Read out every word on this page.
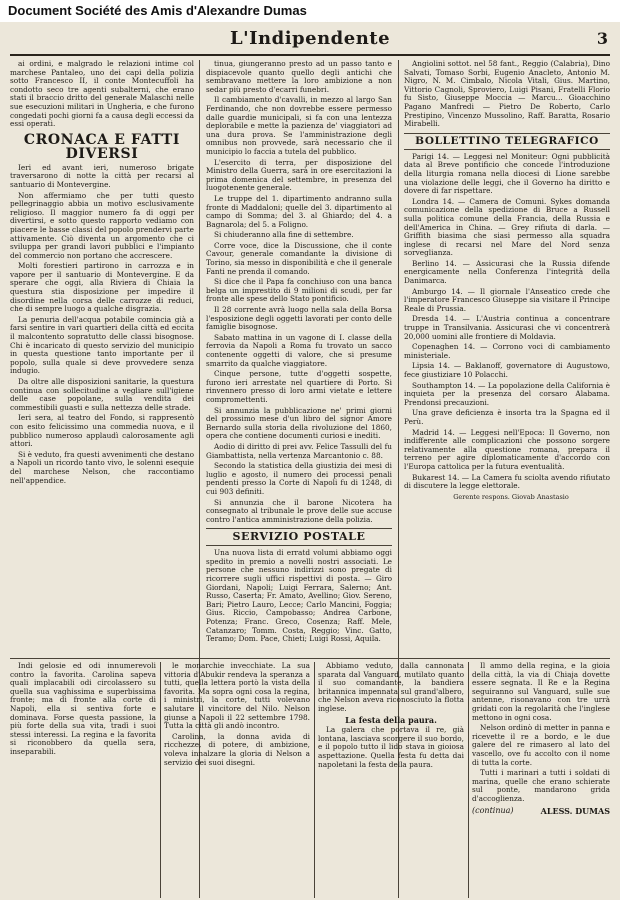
Document Société des Amis d'Alexandre Dumas
L'Indipendente	3

ai ordini, e malgrado le relazioni intime col marchese Pantaleo, uno dei capi della polizia sotto Francesco II, il conte Montecuffoli ha condotto seco tre agenti subalterni, che erano stati il braccio dritto del generale Malaschi nelle sue esecuzioni militari in Ungheria, e che furono congedati pochi giorni fa a causa degli eccessi da essi operati.

CRONACA E FATTI DIVERSI

Ieri ed avant ieri, numeroso brigate traversarono di notte la città per recarsi al santuario di Montevergine.

Non affermiamo che per tutti questo pellegrinaggio abbia un motivo esclusivamente religioso. Il maggior numero fa di oggi per divertirsi, e sotto questo rapporto vediamo con piacere le basse classi del popolo prendervi parte attivamente. Ciò diventa un argomento che ci sviluppa per grandi lavori pubblici e l'impianto del commercio non portano che accrescere.

Molti forestieri partirono in carrozza e in vapore per il santuario di Montevergine. E da sperare che oggi, alla Riviera di Chiaia la questura stia disposizione per impedire il disordine nella corsa delle carrozze di reduci, che di sempre luogo a qualche disgrazia.

La penuria dell'acqua potabile comincia già a farsi sentire in vari quartieri della città ed eccita il malcontento sopratutto delle classi bisognose. Chi è incaricato di questo servizio del municipio in questa questione tanto importante per il popolo, sulla quale si deve provvedere senza indugio.

Da oltre alle disposizioni sanitarie, la questura continua con sollecitudine a vegliare sull'igiene delle case popolane, sulla vendita dei commestibili guasti e sulla nettezza delle strade.

Ieri sera, al teatro del Fondo, si rappresentò con esito felicissimo una commedia nuova, e il pubblico numeroso applaudì calorosamente agli attori.

Si è veduto, fra questi avvenimenti che destano a Napoli un ricordo tanto vivo, le solenni esequie del marchese Nelson, che raccontiamo nell'appendice.

tinua, giungeranno presto ad un passo tanto e dispiacevole quanto quello degli antichi che sembravano mettere la loro ambizione a non sedar più presto d'ecarri funebri.

Il cambiamento d'cavalli, in mezzo al largo San Ferdinando, che non dovrebbe essere permesso dalle guardie municipali, si fa con una lentezza deplorabile e mette la pazienza de' viaggiatori ad una dura prova. Se l'amministrazione degli omnibus non provvede, sarà necessario che il municipio lo faccia a tutela del pubblico.

L'esercito di terra, per disposizione del Ministro della Guerra, sarà in ore esercitazioni la prima domenica del settembre, in presenza del luogotenente generale.

Le truppe del 1. dipartimento andranno sulla fronte di Maddaloni; quelle del 3. dipartimento al campo di Somma; del 3. al Ghiardo; del 4. a Bagnarola; del 5. a Foligno.

Si chiuderanno alla fine di settembre.

Corre voce, dice la Discussione, che il conte Cavour, generale comandante la divisione di Torino, sia messo in disponibilità e che il generale Fanti ne prenda il comando.

Si dice che il Papa fa conchiuso con una banca belga un imprestito di 9 milioni di scudi, per far fronte alle spese dello Stato pontificio.

Il 28 corrente avrà luogo nella sala della Borsa l'esposizione degli oggetti lavorati per conto delle famiglie bisognose.

Sabato mattina in un vagone di I. classe della ferrovia da Napoli a Roma fu trovato un sacco contenente oggetti di valore, che si presume smarrito da qualche viaggiatore.

Cinque persone, tutte d'oggetti sospette, furono ieri arrestate nel quartiere di Porto. Si rinvennero presso di loro armi vietate e lettere compromettenti.

Si annunzia la pubblicazione ne' primi giorni del prossimo mese d'un libro del signor Amore Bernardo sulla storia della rivoluzione del 1860, opera che contiene documenti curiosi e inediti.

Aodio di diritto di prei avv. Felice Tassulli del fu Giambattista, nella vertenza Marcantonio c. 88.

Secondo la statistica della giustizia dei mesi di luglio e agosto, il numero dei processi penali pendenti presso la Corte di Napoli fu di 1248, di cui 903 definiti.

Si annunzia che il barone Nicotera ha consegnato al tribunale le prove delle sue accuse contro l'antica amministrazione della polizia.

SERVIZIO POSTALE

Una nuova lista di erratd volumi abbiamo oggi spedito in premio a novelli nostri associati. Le persone che nessuno indirizzi sono pregate di ricorrere sugli uffici rispettivi di posta. — Giro Giordani, Napoli; Luigi Ferrara, Salerno; Ant. Russo, Caserta; Fr. Amato, Avellino; Giov. Sereno, Bari; Pietro Lauro, Lecce; Carlo Mancini, Foggia; Gius. Riccio, Campobasso; Andrea Carbone, Potenza; Franc. Greco, Cosenza; Raff. Mele, Catanzaro; Tomm. Costa, Reggio; Vinc. Gatto, Teramo; Dom. Pace, Chieti; Luigi Rossi, Aquila.

Angiolini sottot. nel 58 fant., Reggio (Calabria), Dino Salvati, Tomaso Sorbi, Eugenio Anacleto, Antonio M. Nigro, N. M. Cimbalo, Nicola Vitali, Gius. Martino, Vittorio Cagnoli, Sproviero, Luigi Pisani, Fratelli Florio fu Sisto, Giuseppe Moccia — Marcu... Gioacchino Pagano Manfredi — Pietro De Roberto, Carlo Prestipino, Vincenzo Mussolino, Raff. Baratta, Rosario Mirabelli.

BOLLETTINO TELEGRAFICO

Parigi 14. — Leggesi nel Moniteur: Ogni pubblicità data al Breve pontificio che concede l'introduzione della liturgia romana nella diocesi di Lione sarebbe una violazione delle leggi, che il Governo ha diritto e dovere di far rispettare.

Londra 14. — Camera de Comuni. Sykes domanda comunicazione della spedizione di Bruce a Russell sulla politica comune della Francia, della Russia e dell'America in China. — Grey rifiuta di darla. — Griffith biasima che siasi permesso alla squadra inglese di recarsi nel Mare del Nord senza sorveglianza.

Berlino 14. — Assicurasi che la Russia difende energicamente nella Conferenza l'integrità della Danimarca.

Amburgo 14. — Il giornale l'Anseatico crede che l'imperatore Francesco Giuseppe sia visitare il Principe Reale di Prussia.

Dresda 14. — L'Austria continua a concentrare truppe in Transilvania. Assicurasi che vi concentrerà 20,000 uomini alle frontiere di Moldavia.

Copenaghen 14. — Corrono voci di cambiamento ministeriale.

Lipsia 14. — Baklanoff, governatore di Augustowo, fece giustiziare 10 Polacchi.

Southampton 14. — La popolazione della California è inquieta per la presenza del corsaro Alabama. Prendonsi precauzioni.

Una grave deficienza è insorta tra la Spagna ed il Perù.

Madrid 14. — Leggesi nell'Epoca: Il Governo, non indifferente alle complicazioni che possono sorgere relativamente alla questione romana, prepara il terreno per agire diplomaticamente d'accordo con l'Europa cattolica per la futura eventualità.

Bukarest 14. — La Camera fu sciolta avendo rifiutato di discutere la legge elettorale.

Gerente respons. Giovab Anastasio

Indi gelosie ed odi innumerevoli contro la favorita. Carolina sapeva quali implacabili odi circolassero su quella sua vaghissima e superbissima fronte; ma di fronte alla corte di Napoli, ella si sentiva forte e dominava. Forse questa passione, la più forte della sua vita, tradì i suoi stessi interessi. La regina e la favorita si riconobbero da quella sera, inseparabili.

le monarchie invecchiate. La sua vittoria d'Abukir rendeva la speranza a tutti, quella lettera portò la vista della favorita. Ma sopra ogni cosa la regina, i ministri, la corte, tutti volevano salutare il vincitore del Nilo. Nelson giunse a Napoli il 22 settembre 1798. Tutta la città gli andò incontro.

Carolina, la donna avida di ricchezze, di potere, di ambizione, voleva innalzare la gloria di Nelson a servizio dei suoi disegni.

Abbiamo veduto, dalla cannonata sparata dal Vanguard, mutilato quanto il suo comandante, la bandiera britannica impennata sul grand'albero, che Nelson aveva riconosciuto la flotta inglese.

La festa della paura.

La galera che portava il re, già lontana, lasciava scorgere il suo bordo, e il popolo tutto il lido stava in gioiosa aspettazione. Quella festa fu detta dai napoletani la festa della paura.

Il ammo della regina, e la gioia della città, la via di Chiaja dovette essere segnata. Il Re e la Regina seguiranno sul Vanguard, sulle sue antenne, risonavano con tre urrà gridati con la regolarità che l'inglese mettono in ogni cosa.

Nelson ordinò di metter in panna e ricevette il re a bordo, e le due galere del re rimasero al lato del vascello, ove fu accolto con il nome di tutta la corte.

Tutti i marinari a tutti i soldati di marina, quelle che erano schierate sul ponte, mandarono grida d'accoglienza.

(continua)	ALESS. DUMAS
